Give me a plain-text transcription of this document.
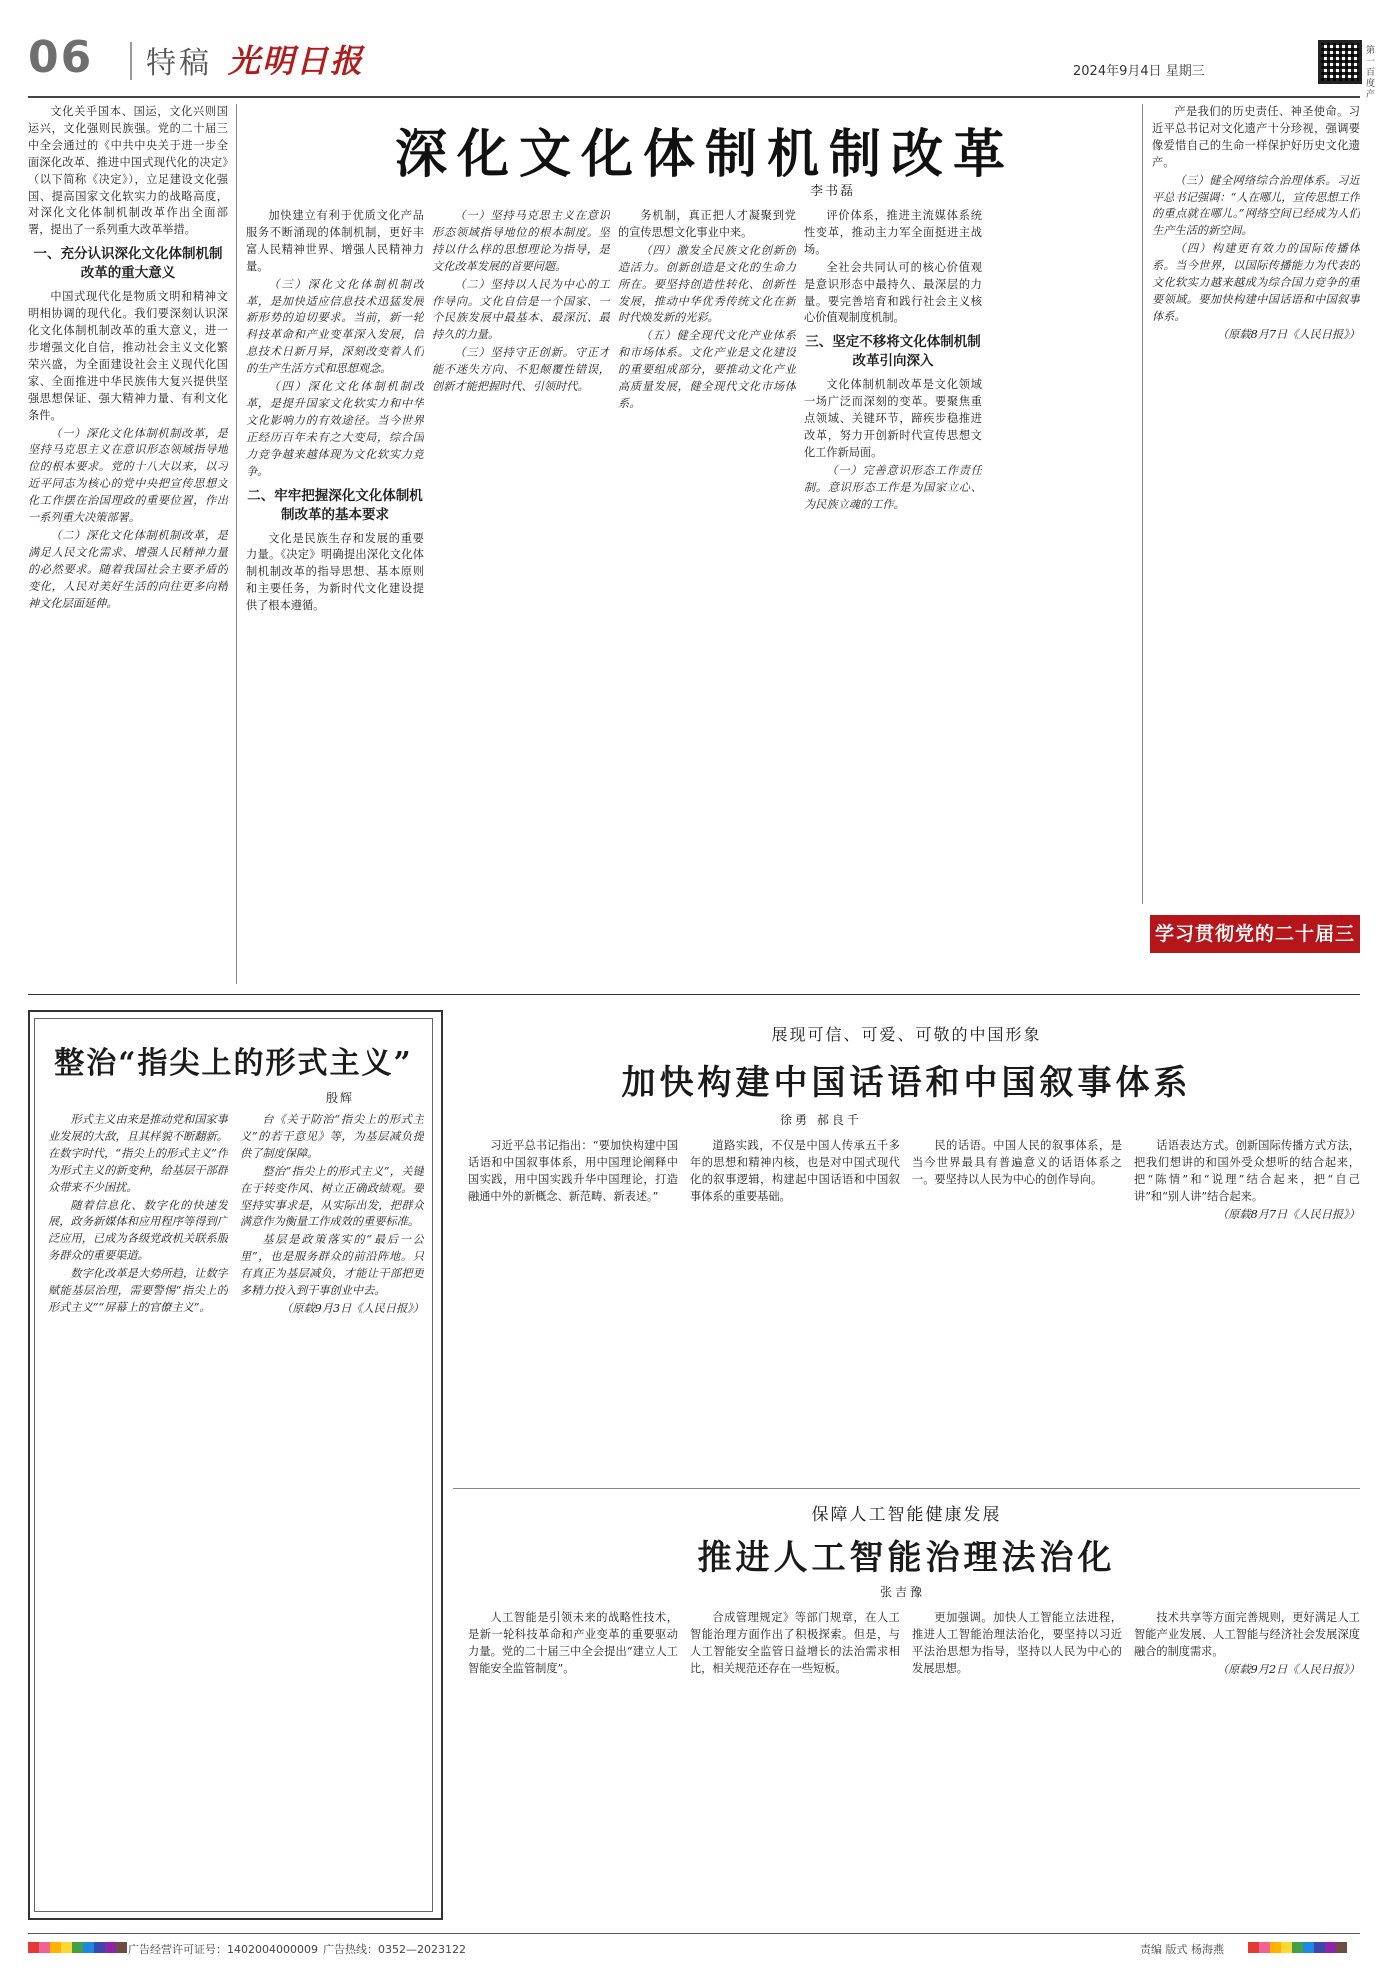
06 特稿 光明日报	2024年9月4日 星期三
第一百度产
深化文化体制机制改革
李书磊

文化关乎国本、国运，文化兴则国运兴，文化强则民族强。党的二十届三中全会通过的《中共中央关于进一步全面深化改革、推进中国式现代化的决定》（以下简称《决定》），立足建设文化强国、提高国家文化软实力的战略高度，对深化文化体制机制改革作出全面部署，提出了一系列重大改革举措。

一、充分认识深化文化体制机制改革的重大意义

中国式现代化是物质文明和精神文明相协调的现代化。我们要深刻认识深化文化体制机制改革的重大意义，进一步增强文化自信，推动社会主义文化繁荣兴盛，为全面建设社会主义现代化国家、全面推进中华民族伟大复兴提供坚强思想保证、强大精神力量、有利文化条件。

（一）深化文化体制机制改革，是坚持马克思主义在意识形态领域指导地位的根本要求。党的十八大以来，以习近平同志为核心的党中央把宣传思想文化工作摆在治国理政的重要位置，作出一系列重大决策部署。

（二）深化文化体制机制改革，是满足人民文化需求、增强人民精神力量的必然要求。随着我国社会主要矛盾的变化，人民对美好生活的向往更多向精神文化层面延伸。

加快建立有利于优质文化产品服务不断涌现的体制机制，更好丰富人民精神世界、增强人民精神力量。

（三）深化文化体制机制改革，是加快适应信息技术迅猛发展新形势的迫切要求。当前，新一轮科技革命和产业变革深入发展，信息技术日新月异，深刻改变着人们的生产生活方式和思想观念。

（四）深化文化体制机制改革，是提升国家文化软实力和中华文化影响力的有效途径。当今世界正经历百年未有之大变局，综合国力竞争越来越体现为文化软实力竞争。

二、牢牢把握深化文化体制机制改革的基本要求

文化是民族生存和发展的重要力量。《决定》明确提出深化文化体制机制改革的指导思想、基本原则和主要任务，为新时代文化建设提供了根本遵循。

（一）坚持马克思主义在意识形态领域指导地位的根本制度。坚持以什么样的思想理论为指导，是文化改革发展的首要问题。

（二）坚持以人民为中心的工作导向。文化自信是一个国家、一个民族发展中最基本、最深沉、最持久的力量。

（三）坚持守正创新。守正才能不迷失方向、不犯颠覆性错误，创新才能把握时代、引领时代。

务机制，真正把人才凝聚到党的宣传思想文化事业中来。

（四）激发全民族文化创新创造活力。创新创造是文化的生命力所在。要坚持创造性转化、创新性发展，推动中华优秀传统文化在新时代焕发新的光彩。

（五）健全现代文化产业体系和市场体系。文化产业是文化建设的重要组成部分，要推动文化产业高质量发展，健全现代文化市场体系。

评价体系，推进主流媒体系统性变革，推动主力军全面挺进主战场。

全社会共同认可的核心价值观是意识形态中最持久、最深层的力量。要完善培育和践行社会主义核心价值观制度机制。

三、坚定不移将文化体制机制改革引向深入

文化体制机制改革是文化领域一场广泛而深刻的变革。要聚焦重点领域、关键环节，蹄疾步稳推进改革，努力开创新时代宣传思想文化工作新局面。

（一）完善意识形态工作责任制。意识形态工作是为国家立心、为民族立魂的工作。

产是我们的历史责任、神圣使命。习近平总书记对文化遗产十分珍视，强调要像爱惜自己的生命一样保护好历史文化遗产。

（三）健全网络综合治理体系。习近平总书记强调：“人在哪儿，宣传思想工作的重点就在哪儿。”网络空间已经成为人们生产生活的新空间。

（四）构建更有效力的国际传播体系。当今世界，以国际传播能力为代表的文化软实力越来越成为综合国力竞争的重要领域。要加快构建中国话语和中国叙事体系。

（原载8月7日《人民日报》）

学习贯彻党的二十届三中全会精神
整治“指尖上的形式主义”
殷辉

形式主义由来是推动党和国家事业发展的大敌，且其样貌不断翻新。在数字时代，“指尖上的形式主义”作为形式主义的新变种，给基层干部群众带来不少困扰。

随着信息化、数字化的快速发展，政务新媒体和应用程序等得到广泛应用，已成为各级党政机关联系服务群众的重要渠道。

数字化改革是大势所趋，让数字赋能基层治理，需要警惕“指尖上的形式主义”“屏幕上的官僚主义”。

台《关于防治“指尖上的形式主义”的若干意见》等，为基层减负提供了制度保障。

整治“指尖上的形式主义”，关键在于转变作风、树立正确政绩观。要坚持实事求是，从实际出发，把群众满意作为衡量工作成效的重要标准。

基层是政策落实的“最后一公里”，也是服务群众的前沿阵地。只有真正为基层减负，才能让干部把更多精力投入到干事创业中去。

（原载9月3日《人民日报》）

展现可信、可爱、可敬的中国形象
加快构建中国话语和中国叙事体系
徐勇 郝良千

习近平总书记指出：“要加快构建中国话语和中国叙事体系，用中国理论阐释中国实践，用中国实践升华中国理论，打造融通中外的新概念、新范畴、新表述。”

道路实践，不仅是中国人传承五千多年的思想和精神内核，也是对中国式现代化的叙事逻辑，构建起中国话语和中国叙事体系的重要基础。

民的话语。中国人民的叙事体系，是当今世界最具有普遍意义的话语体系之一。要坚持以人民为中心的创作导向。

话语表达方式。创新国际传播方式方法，把我们想讲的和国外受众想听的结合起来，把“陈情”和“说理”结合起来，把“自己讲”和“别人讲”结合起来。

（原载8月7日《人民日报》）

保障人工智能健康发展
推进人工智能治理法治化
张吉豫

人工智能是引领未来的战略性技术，是新一轮科技革命和产业变革的重要驱动力量。党的二十届三中全会提出“建立人工智能安全监管制度”。

合成管理规定》等部门规章，在人工智能治理方面作出了积极探索。但是，与人工智能安全监管日益增长的法治需求相比，相关规范还存在一些短板。

更加强调。加快人工智能立法进程，推进人工智能治理法治化，要坚持以习近平法治思想为指导，坚持以人民为中心的发展思想。

技术共享等方面完善规则，更好满足人工智能产业发展、人工智能与经济社会发展深度融合的制度需求。

（原载9月2日《人民日报》）

广告经营许可证号：1402004000009 广告热线：0352—2023122	责编 版式 杨海燕
